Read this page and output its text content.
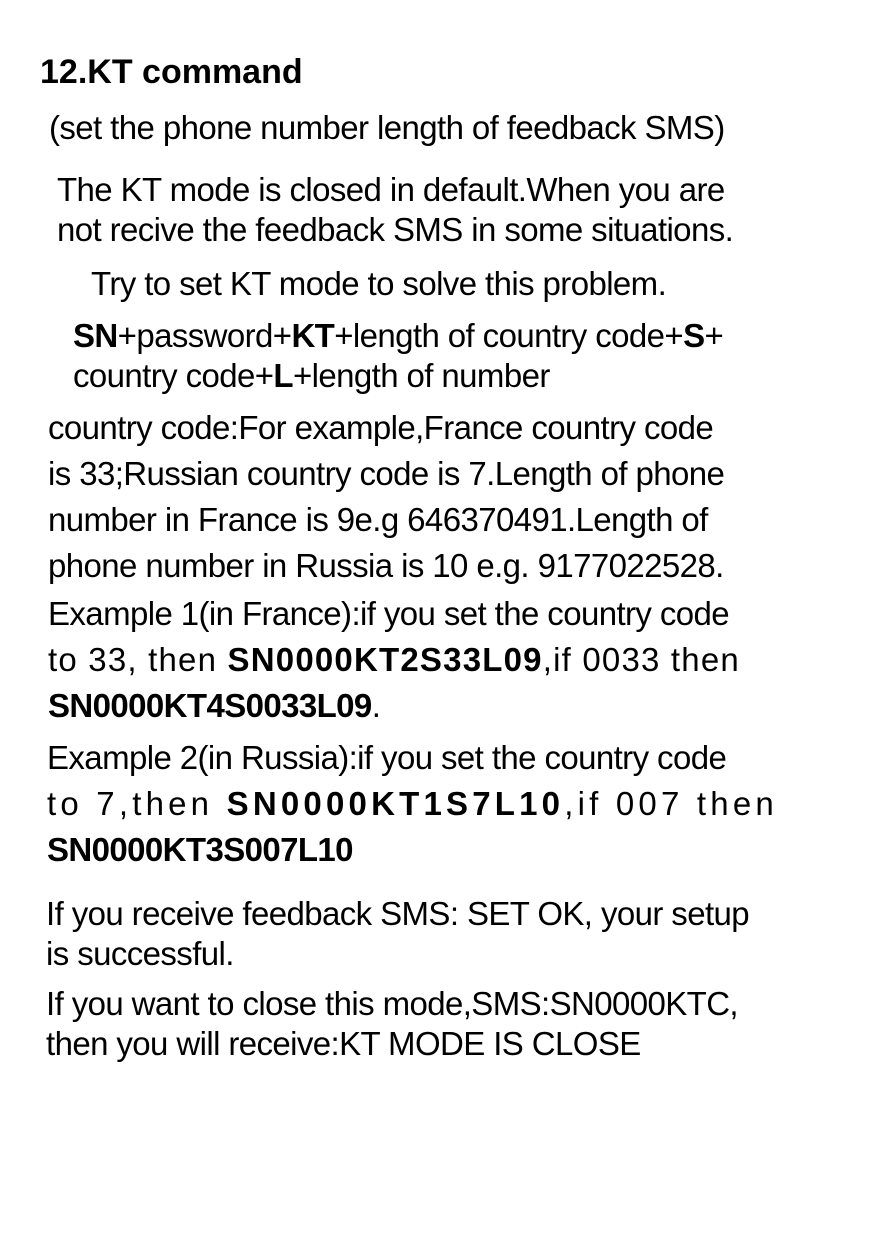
12.KT command
(set the phone number length of feedback SMS)
The KT mode is closed in default.When you are
not recive the feedback SMS in some situations.
Try to set KT mode to solve this problem.
SN+password+KT+length of country code+S+
country code+L+length of number
country code:For example,France country code
is 33;Russian country code is 7.Length of phone
number in France is 9e.g 646370491.Length of
phone number in Russia is 10 e.g. 9177022528.
Example 1(in France):if you set the country code
to 33, then SN0000KT2S33L09,if 0033 then
SN0000KT4S0033L09.
Example 2(in Russia):if you set the country code
to 7,then SN0000KT1S7L10,if 007 then
SN0000KT3S007L10
If you receive feedback SMS: SET OK, your setup
is successful.
If you want to close this mode,SMS:SN0000KTC,
then you will receive:KT MODE IS CLOSE
